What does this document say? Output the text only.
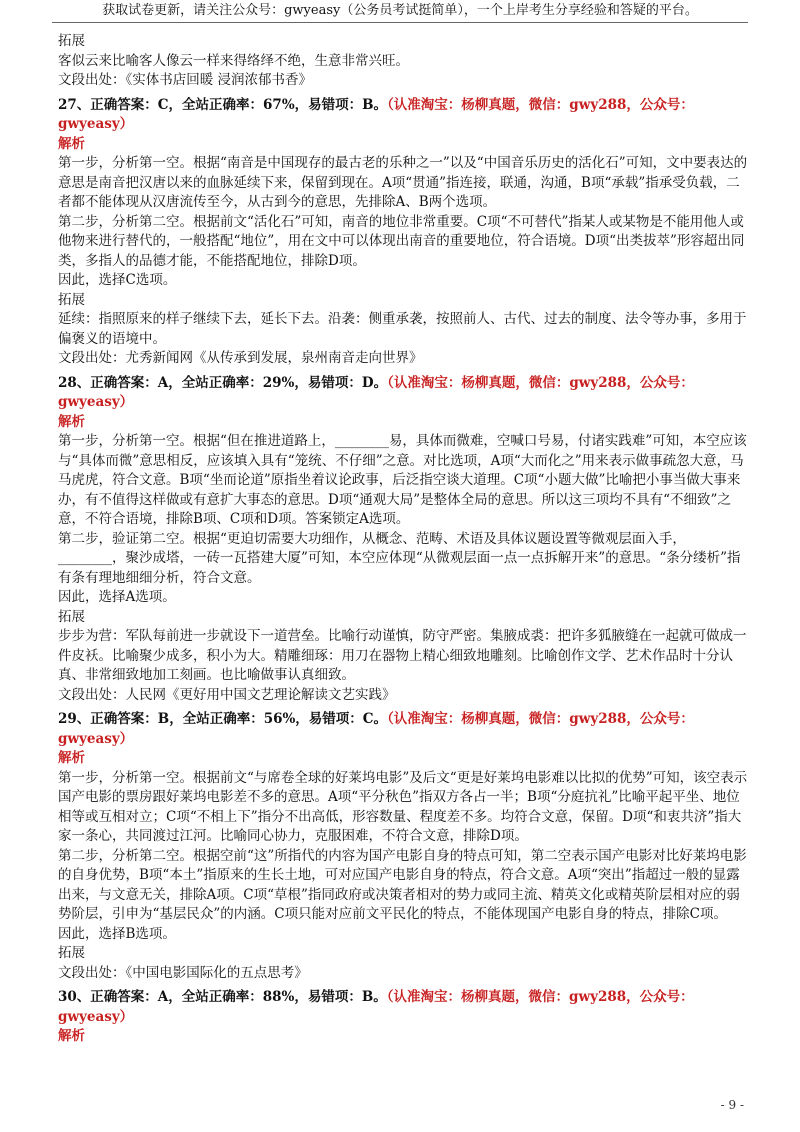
获取试卷更新，请关注公众号：gwyeasy（公务员考试挺简单），一个上岸考生分享经验和答疑的平台。
拓展
客似云来比喻客人像云一样来得络绎不绝，生意非常兴旺。
文段出处：《实体书店回暖 浸润浓郁书香》
27、正确答案：C，全站正确率：67%，易错项：B。（认准淘宝：杨柳真题，微信：gwy288，公众号：gwyeasy）
解析
第一步，分析第一空。根据“南音是中国现存的最古老的乐种之一”以及“中国音乐历史的活化石”可知，文中要表达的意思是南音把汉唐以来的血脉延续下来，保留到现在。A项“贯通”指连接，联通，沟通，B项“承载”指承受负载，二者都不能体现从汉唐流传至今，从古到今的意思，先排除A、B两个选项。
第二步，分析第二空。根据前文“活化石”可知，南音的地位非常重要。C项“不可替代”指某人或某物是不能用他人或他物来进行替代的，一般搭配“地位”，用在文中可以体现出南音的重要地位，符合语境。D项“出类拔萃”形容超出同类，多指人的品德才能，不能搭配地位，排除D项。
因此，选择C选项。
拓展
延续：指照原来的样子继续下去，延长下去。沿袭：侧重承袭，按照前人、古代、过去的制度、法令等办事，多用于偏褒义的语境中。
文段出处：尤秀新闻网《从传承到发展，泉州南音走向世界》
28、正确答案：A，全站正确率：29%，易错项：D。（认准淘宝：杨柳真题，微信：gwy288，公众号：gwyeasy）
解析
第一步，分析第一空。根据“但在推进道路上，________易，具体而微难，空喊口号易，付诸实践难”可知，本空应该与“具体而微”意思相反，应该填入具有“笼统、不仔细”之意。对比选项，A项“大而化之”用来表示做事疏忽大意，马马虎虎，符合文意。B项“坐而论道”原指坐着议论政事，后泛指空谈大道理。C项“小题大做”比喻把小事当做大事来办，有不值得这样做或有意扩大事态的意思。D项“通观大局”是整体全局的意思。所以这三项均不具有“不细致”之意，不符合语境，排除B项、C项和D项。答案锁定A选项。
第二步，验证第二空。根据“更迫切需要大功细作，从概念、范畴、术语及具体议题设置等微观层面入手，________，聚沙成塔，一砖一瓦搭建大厦”可知，本空应体现“从微观层面一点一点拆解开来”的意思。“条分缕析”指有条有理地细细分析，符合文意。
因此，选择A选项。
拓展
步步为营：军队每前进一步就设下一道营垒。比喻行动谨慎，防守严密。集腋成裘：把许多狐腋缝在一起就可做成一件皮袄。比喻聚少成多，积小为大。精雕细琢：用刀在器物上精心细致地雕刻。比喻创作文学、艺术作品时十分认真、非常细致地加工刻画。也比喻做事认真细致。
文段出处：人民网《更好用中国文艺理论解读文艺实践》
29、正确答案：B，全站正确率：56%，易错项：C。（认准淘宝：杨柳真题，微信：gwy288，公众号：gwyeasy）
解析
第一步，分析第一空。根据前文“与席卷全球的好莱坞电影”及后文“更是好莱坞电影难以比拟的优势”可知，该空表示国产电影的票房跟好莱坞电影差不多的意思。A项“平分秋色”指双方各占一半；B项“分庭抗礼”比喻平起平坐、地位相等或互相对立；C项“不相上下”指分不出高低，形容数量、程度差不多。均符合文意，保留。D项“和衷共济”指大家一条心，共同渡过江河。比喻同心协力，克服困难，不符合文意，排除D项。
第二步，分析第二空。根据空前“这”所指代的内容为国产电影自身的特点可知，第二空表示国产电影对比好莱坞电影的自身优势，B项“本土”指原来的生长土地，可对应国产电影自身的特点，符合文意。A项“突出”指超过一般的显露出来，与文意无关，排除A项。C项“草根”指同政府或决策者相对的势力或同主流、精英文化或精英阶层相对应的弱势阶层，引申为“基层民众”的内涵。C项只能对应前文平民化的特点，不能体现国产电影自身的特点，排除C项。
因此，选择B选项。
拓展
文段出处：《中国电影国际化的五点思考》
30、正确答案：A，全站正确率：88%，易错项：B。（认准淘宝：杨柳真题，微信：gwy288，公众号：gwyeasy）
解析
- 9 -
